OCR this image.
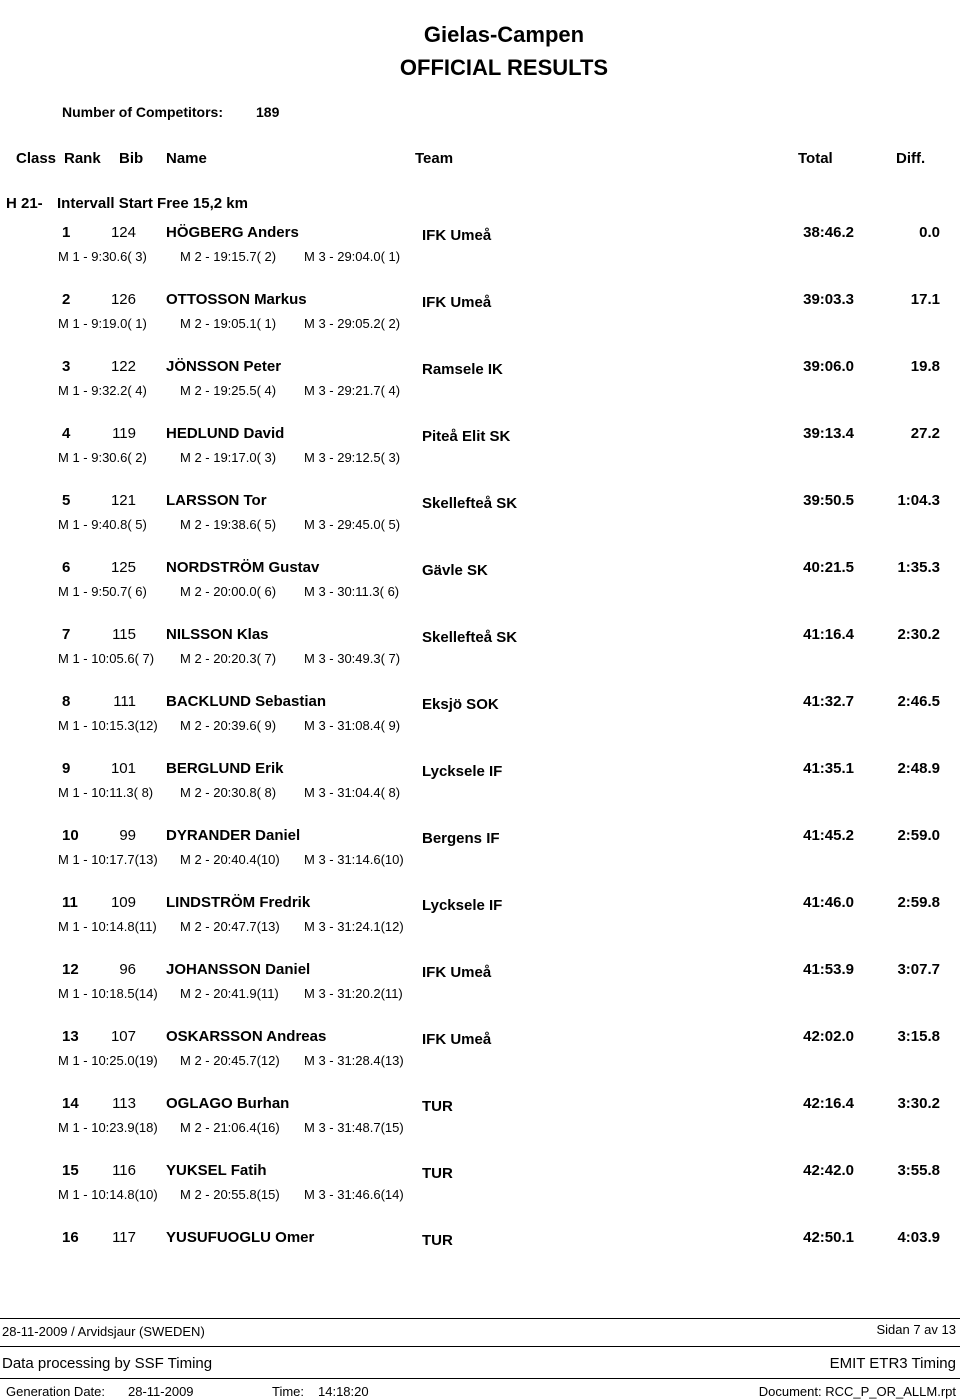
Gielas-Campen
OFFICIAL RESULTS
Number of Competitors: 189
Class Rank Bib Name	Team	Total	Diff.
H 21- Intervall Start Free 15,2 km
1	124 HÖGBERG Anders	IFK Umeå	38:46.2	0.0
M 1 - 9:30.6( 3)	M 2 - 19:15.7( 2) M 3 - 29:04.0( 1)
2	126 OTTOSSON Markus	IFK Umeå	39:03.3	17.1
M 1 - 9:19.0( 1)	M 2 - 19:05.1( 1) M 3 - 29:05.2( 2)
3	122 JÖNSSON Peter	Ramsele IK	39:06.0	19.8
M 1 - 9:32.2( 4)	M 2 - 19:25.5( 4) M 3 - 29:21.7( 4)
4	119 HEDLUND David	Piteå Elit SK	39:13.4	27.2
M 1 - 9:30.6( 2)	M 2 - 19:17.0( 3) M 3 - 29:12.5( 3)
5	121 LARSSON Tor	Skellefteå SK	39:50.5	1:04.3
M 1 - 9:40.8( 5)	M 2 - 19:38.6( 5) M 3 - 29:45.0( 5)
6	125 NORDSTRÖM Gustav	Gävle SK	40:21.5	1:35.3
M 1 - 9:50.7( 6)	M 2 - 20:00.0( 6) M 3 - 30:11.3( 6)
7	115 NILSSON Klas	Skellefteå SK	41:16.4	2:30.2
M 1 - 10:05.6( 7) M 2 - 20:20.3( 7) M 3 - 30:49.3( 7)
8	111 BACKLUND Sebastian	Eksjö SOK	41:32.7	2:46.5
M 1 - 10:15.3(12) M 2 - 20:39.6( 9) M 3 - 31:08.4( 9)
9	101 BERGLUND Erik	Lycksele IF	41:35.1	2:48.9
M 1 - 10:11.3( 8) M 2 - 20:30.8( 8) M 3 - 31:04.4( 8)
10	99 DYRANDER Daniel	Bergens IF	41:45.2	2:59.0
M 1 - 10:17.7(13) M 2 - 20:40.4(10) M 3 - 31:14.6(10)
11 109 LINDSTRÖM Fredrik	Lycksele IF	41:46.0	2:59.8
M 1 - 10:14.8(11) M 2 - 20:47.7(13) M 3 - 31:24.1(12)
12	96 JOHANSSON Daniel	IFK Umeå	41:53.9	3:07.7
M 1 - 10:18.5(14) M 2 - 20:41.9(11) M 3 - 31:20.2(11)
13 107 OSKARSSON Andreas	IFK Umeå	42:02.0	3:15.8
M 1 - 10:25.0(19) M 2 - 20:45.7(12) M 3 - 31:28.4(13)
14 113 OGLAGO Burhan	TUR	42:16.4	3:30.2
M 1 - 10:23.9(18) M 2 - 21:06.4(16) M 3 - 31:48.7(15)
15 116 YUKSEL Fatih	TUR	42:42.0	3:55.8
M 1 - 10:14.8(10) M 2 - 20:55.8(15) M 3 - 31:46.6(14)
16 117 YUSUFUOGLU Omer	TUR	42:50.1	4:03.9
28-11-2009 / Arvidsjaur (SWEDEN)	Sidan 7 av 13
Data processing by SSF Timing	EMIT ETR3 Timing
Generation Date: 28-11-2009	Time: 14:18:20	Document: RCC_P_OR_ALLM.rpt
